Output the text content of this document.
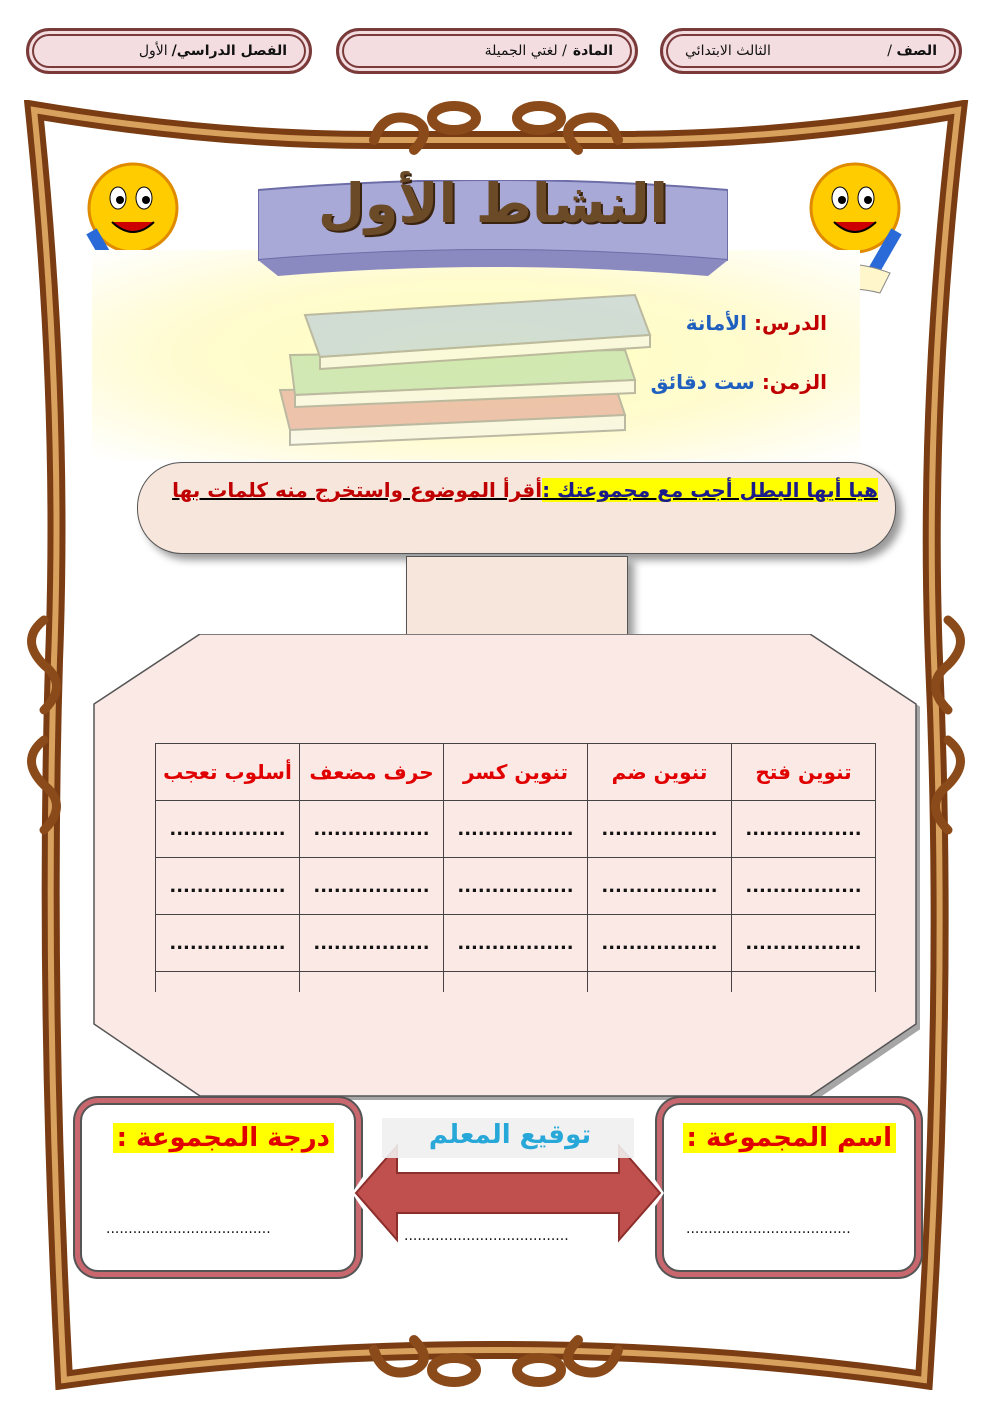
الصف /
الثالث الابتدائي
المادة
/ لغتي الجميلة
الفصل الدراسي/
الأول
النشاط الأول
الدرس: الأمانة
الزمن: ست دقائق
هيا أيها البطل أجب مع مجموعتك :أقرأ الموضوع واستخرج منه كلمات بها
تنوين فتح	تنوين ضم	تنوين كسر	حرف مضعف	أسلوب تعجب
.................	.................	.................	.................	.................
.................	.................	.................	.................	.................
.................	.................	.................	.................	.................

اسم المجموعة :
.....................................
درجة المجموعة :
.....................................
توقيع المعلم
.....................................
